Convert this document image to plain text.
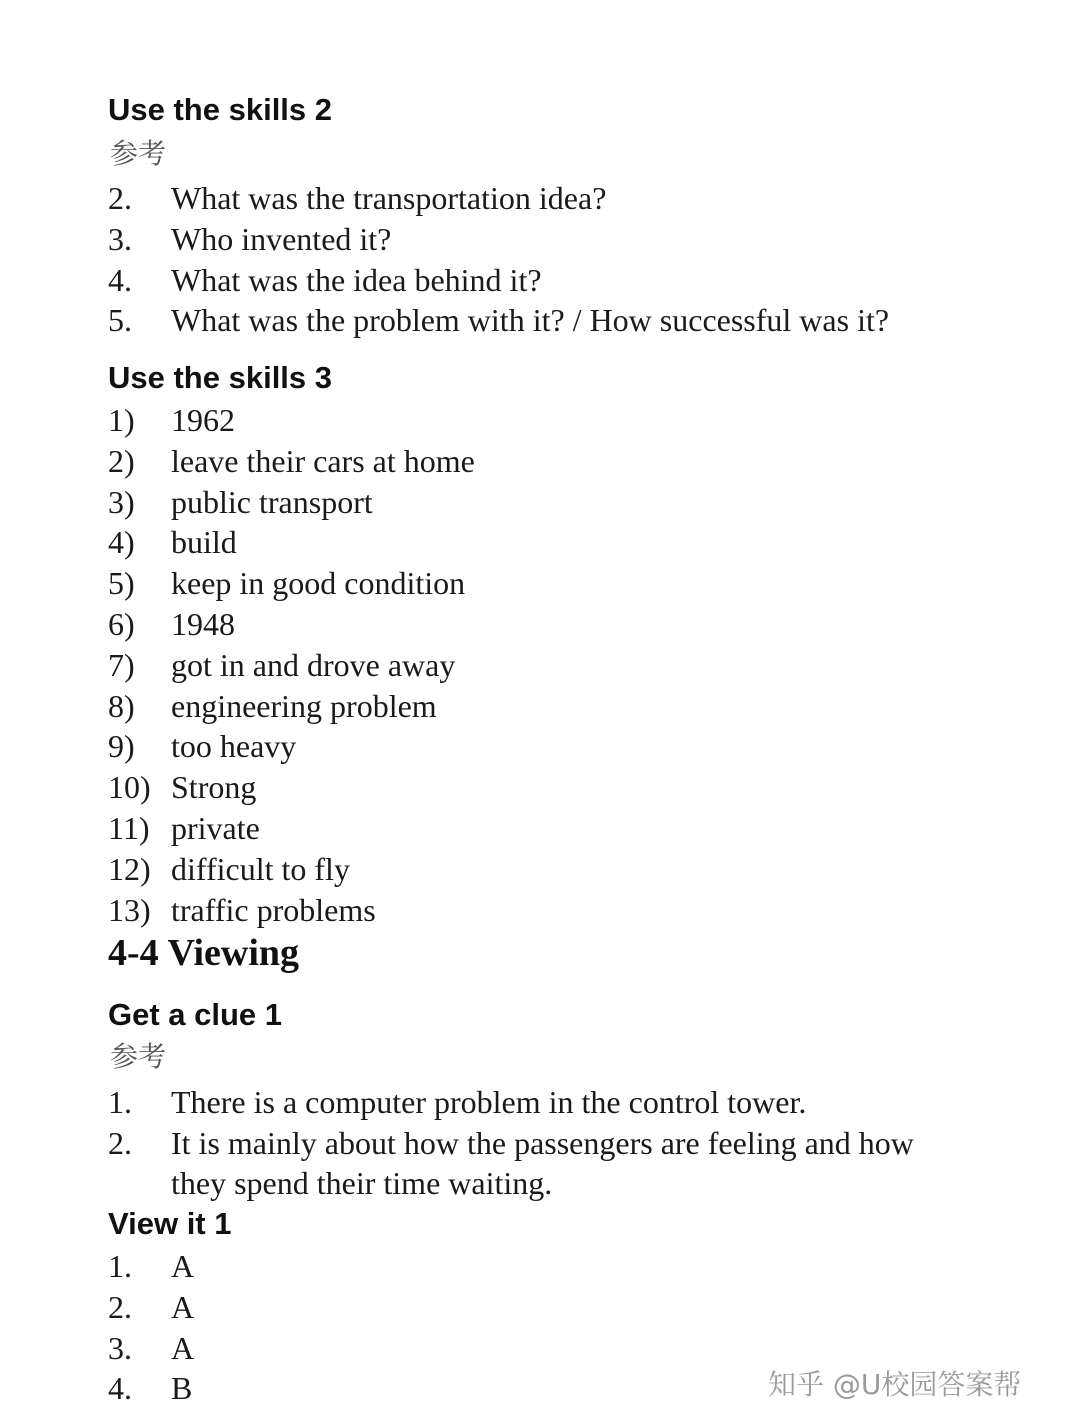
Use the skills 2
参考
2. What was the transportation idea?
3. Who invented it?
4. What was the idea behind it?
5. What was the problem with it? / How successful was it?
Use the skills 3
1) 1962
2) leave their cars at home
3) public transport
4) build
5) keep in good condition
6) 1948
7) got in and drove away
8) engineering problem
9) too heavy
10) Strong
11) private
12) difficult to fly
13) traffic problems
4-4 Viewing
Get a clue 1
参考
1. There is a computer problem in the control tower.
2. It is mainly about how the passengers are feeling and how they spend their time waiting.
View it 1
1. A
2. A
3. A
4. B	知乎 @U校园答案帮
